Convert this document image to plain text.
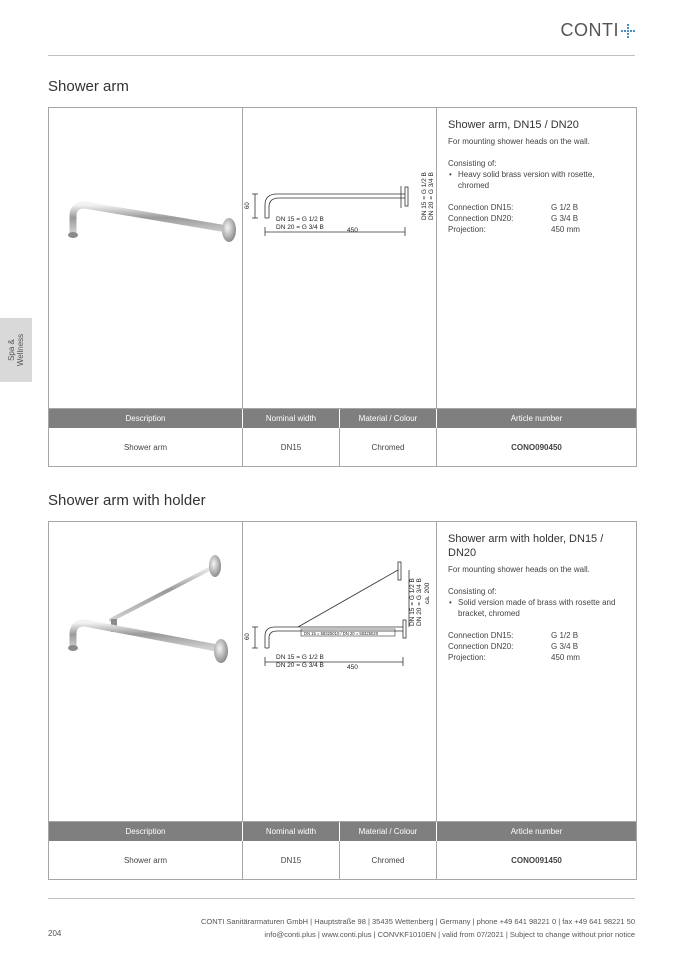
CONTI
Spa &
Wellness
Shower arm
60
DN 15 = G 1/2 B
DN 20 = G 3/4 B	450
DN 15 = G 1/2 B DN 20 = G 3/4 B
Shower arm, DN15 / DN20
For mounting shower heads on the wall.
Consisting of:
• Heavy solid brass version with rosette, chromed
Connection DN15:	G 1/2 B
Connection DN20:	G 3/4 B
Projection:	450 mm
Description	Nominal width	Material / Colour	Article number
Shower arm	DN15	Chromed	CONO090450
Shower arm with holder
60
DN 15 = G 1/2 B
DN 20 = G 3/4 B	450
DN 15 = 58325010 / DN 20 = 58325020
DN 15 = G 1/2 B DN 20 = G 3/4 B ca. 200
Shower arm with holder, DN15 / DN20
For mounting shower heads on the wall.
Consisting of:
• Solid version made of brass with rosette and bracket, chromed
Connection DN15:	G 1/2 B
Connection DN20:	G 3/4 B
Projection:	450 mm
Description	Nominal width	Material / Colour	Article number
Shower arm	DN15	Chromed	CONO091450
204
CONTI Sanitärarmaturen GmbH | Hauptstraße 98 | 35435 Wettenberg | Germany | phone +49 641 98221 0 | fax +49 641 98221 50
info@conti.plus | www.conti.plus | CONVKF1010EN | valid from 07/2021 | Subject to change without prior notice
